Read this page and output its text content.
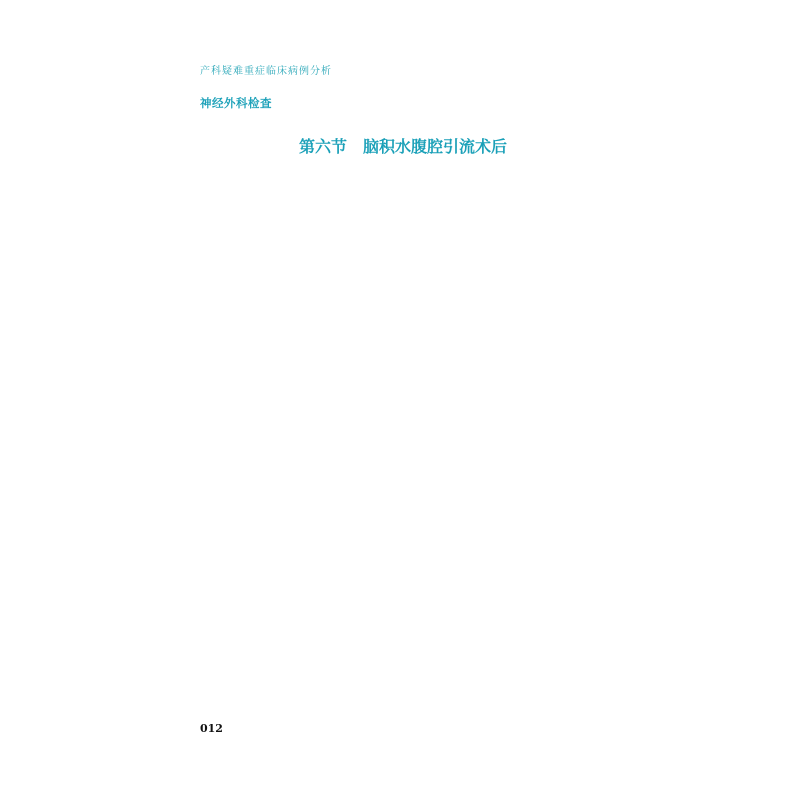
产科疑难重症临床病例分析

神经外科检查

第六节　脑积水腹腔引流术后
012
